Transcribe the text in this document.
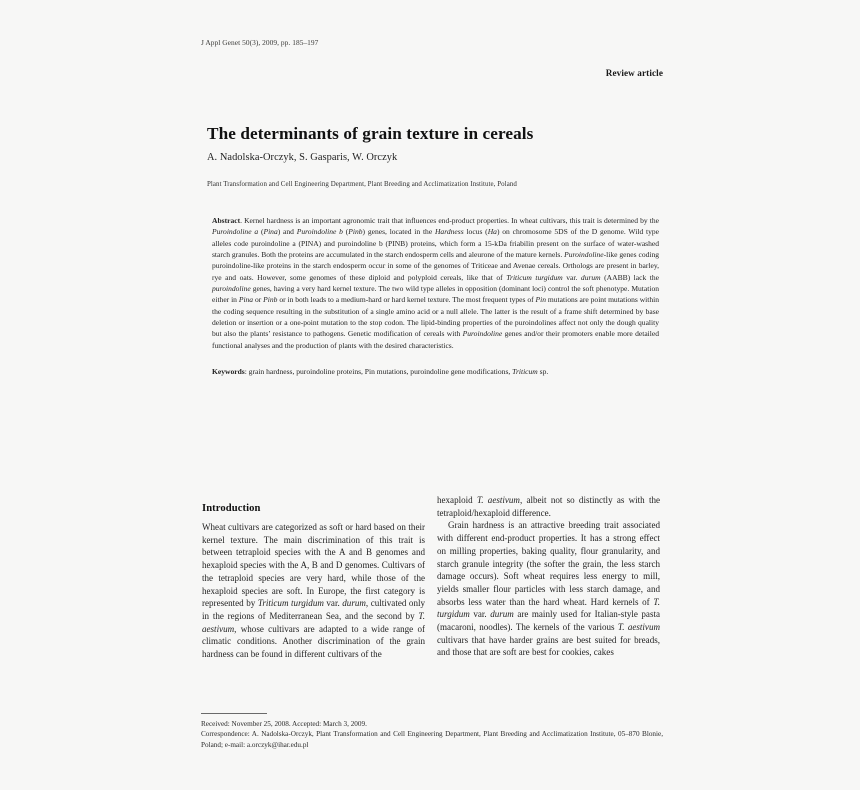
J Appl Genet 50(3), 2009, pp. 185–197
Review article
The determinants of grain texture in cereals
A. Nadolska-Orczyk, S. Gasparis, W. Orczyk
Plant Transformation and Cell Engineering Department, Plant Breeding and Acclimatization Institute, Poland

Abstract. Kernel hardness is an important agronomic trait that influences end-product properties. In wheat cultivars, this trait is determined by the Puroindoline a (Pina) and Puroindoline b (Pinb) genes, located in the Hardness locus (Ha) on chromosome 5DS of the D genome. Wild type alleles code puroindoline a (PINA) and puroindoline b (PINB) proteins, which form a 15-kDa friabilin present on the surface of water-washed starch granules. Both the proteins are accumulated in the starch endosperm cells and aleurone of the mature kernels. Puroindoline-like genes coding puroindoline-like proteins in the starch endosperm occur in some of the genomes of Triticeae and Avenae cereals. Orthologs are present in barley, rye and oats. However, some genomes of these diploid and polyploid cereals, like that of Triticum turgidum var. durum (AABB) lack the puroindoline genes, having a very hard kernel texture. The two wild type alleles in opposition (dominant loci) control the soft phenotype. Mutation either in Pina or Pinb or in both leads to a medium-hard or hard kernel texture. The most frequent types of Pin mutations are point mutations within the coding sequence resulting in the substitution of a single amino acid or a null allele. The latter is the result of a frame shift determined by base deletion or insertion or a one-point mutation to the stop codon. The lipid-binding properties of the puroindolines affect not only the dough quality but also the plants’ resistance to pathogens. Genetic modification of cereals with Puroindoline genes and/or their promoters enable more detailed functional analyses and the production of plants with the desired characteristics.

Keywords: grain hardness, puroindoline proteins, Pin mutations, puroindoline gene modifications, Triticum sp.
Introduction

Wheat cultivars are categorized as soft or hard based on their kernel texture. The main discrimination of this trait is between tetraploid species with the A and B genomes and hexaploid species with the A, B and D genomes. Cultivars of the tetraploid species are very hard, while those of the hexaploid species are soft. In Europe, the first category is represented by Triticum turgidum var. durum, cultivated only in the regions of Mediterranean Sea, and the second by T. aestivum, whose cultivars are adapted to a wide range of climatic conditions. Another discrimination of the grain hardness can be found in different cultivars of the

hexaploid T. aestivum, albeit not so distinctly as with the tetraploid/hexaploid difference.

Grain hardness is an attractive breeding trait associated with different end-product properties. It has a strong effect on milling properties, baking quality, flour granularity, and starch granule integrity (the softer the grain, the less starch damage occurs). Soft wheat requires less energy to mill, yields smaller flour particles with less starch damage, and absorbs less water than the hard wheat. Hard kernels of T. turgidum var. durum are mainly used for Italian-style pasta (macaroni, noodles). The kernels of the various T. aestivum cultivars that have harder grains are best suited for breads, and those that are soft are best for cookies, cakes

Received: November 25, 2008. Accepted: March 3, 2009.

Correspondence: A. Nadolska-Orczyk, Plant Transformation and Cell Engineering Department, Plant Breeding and Acclimatization Institute, 05–870 Blonie, Poland; e-mail: a.orczyk@ihar.edu.pl
